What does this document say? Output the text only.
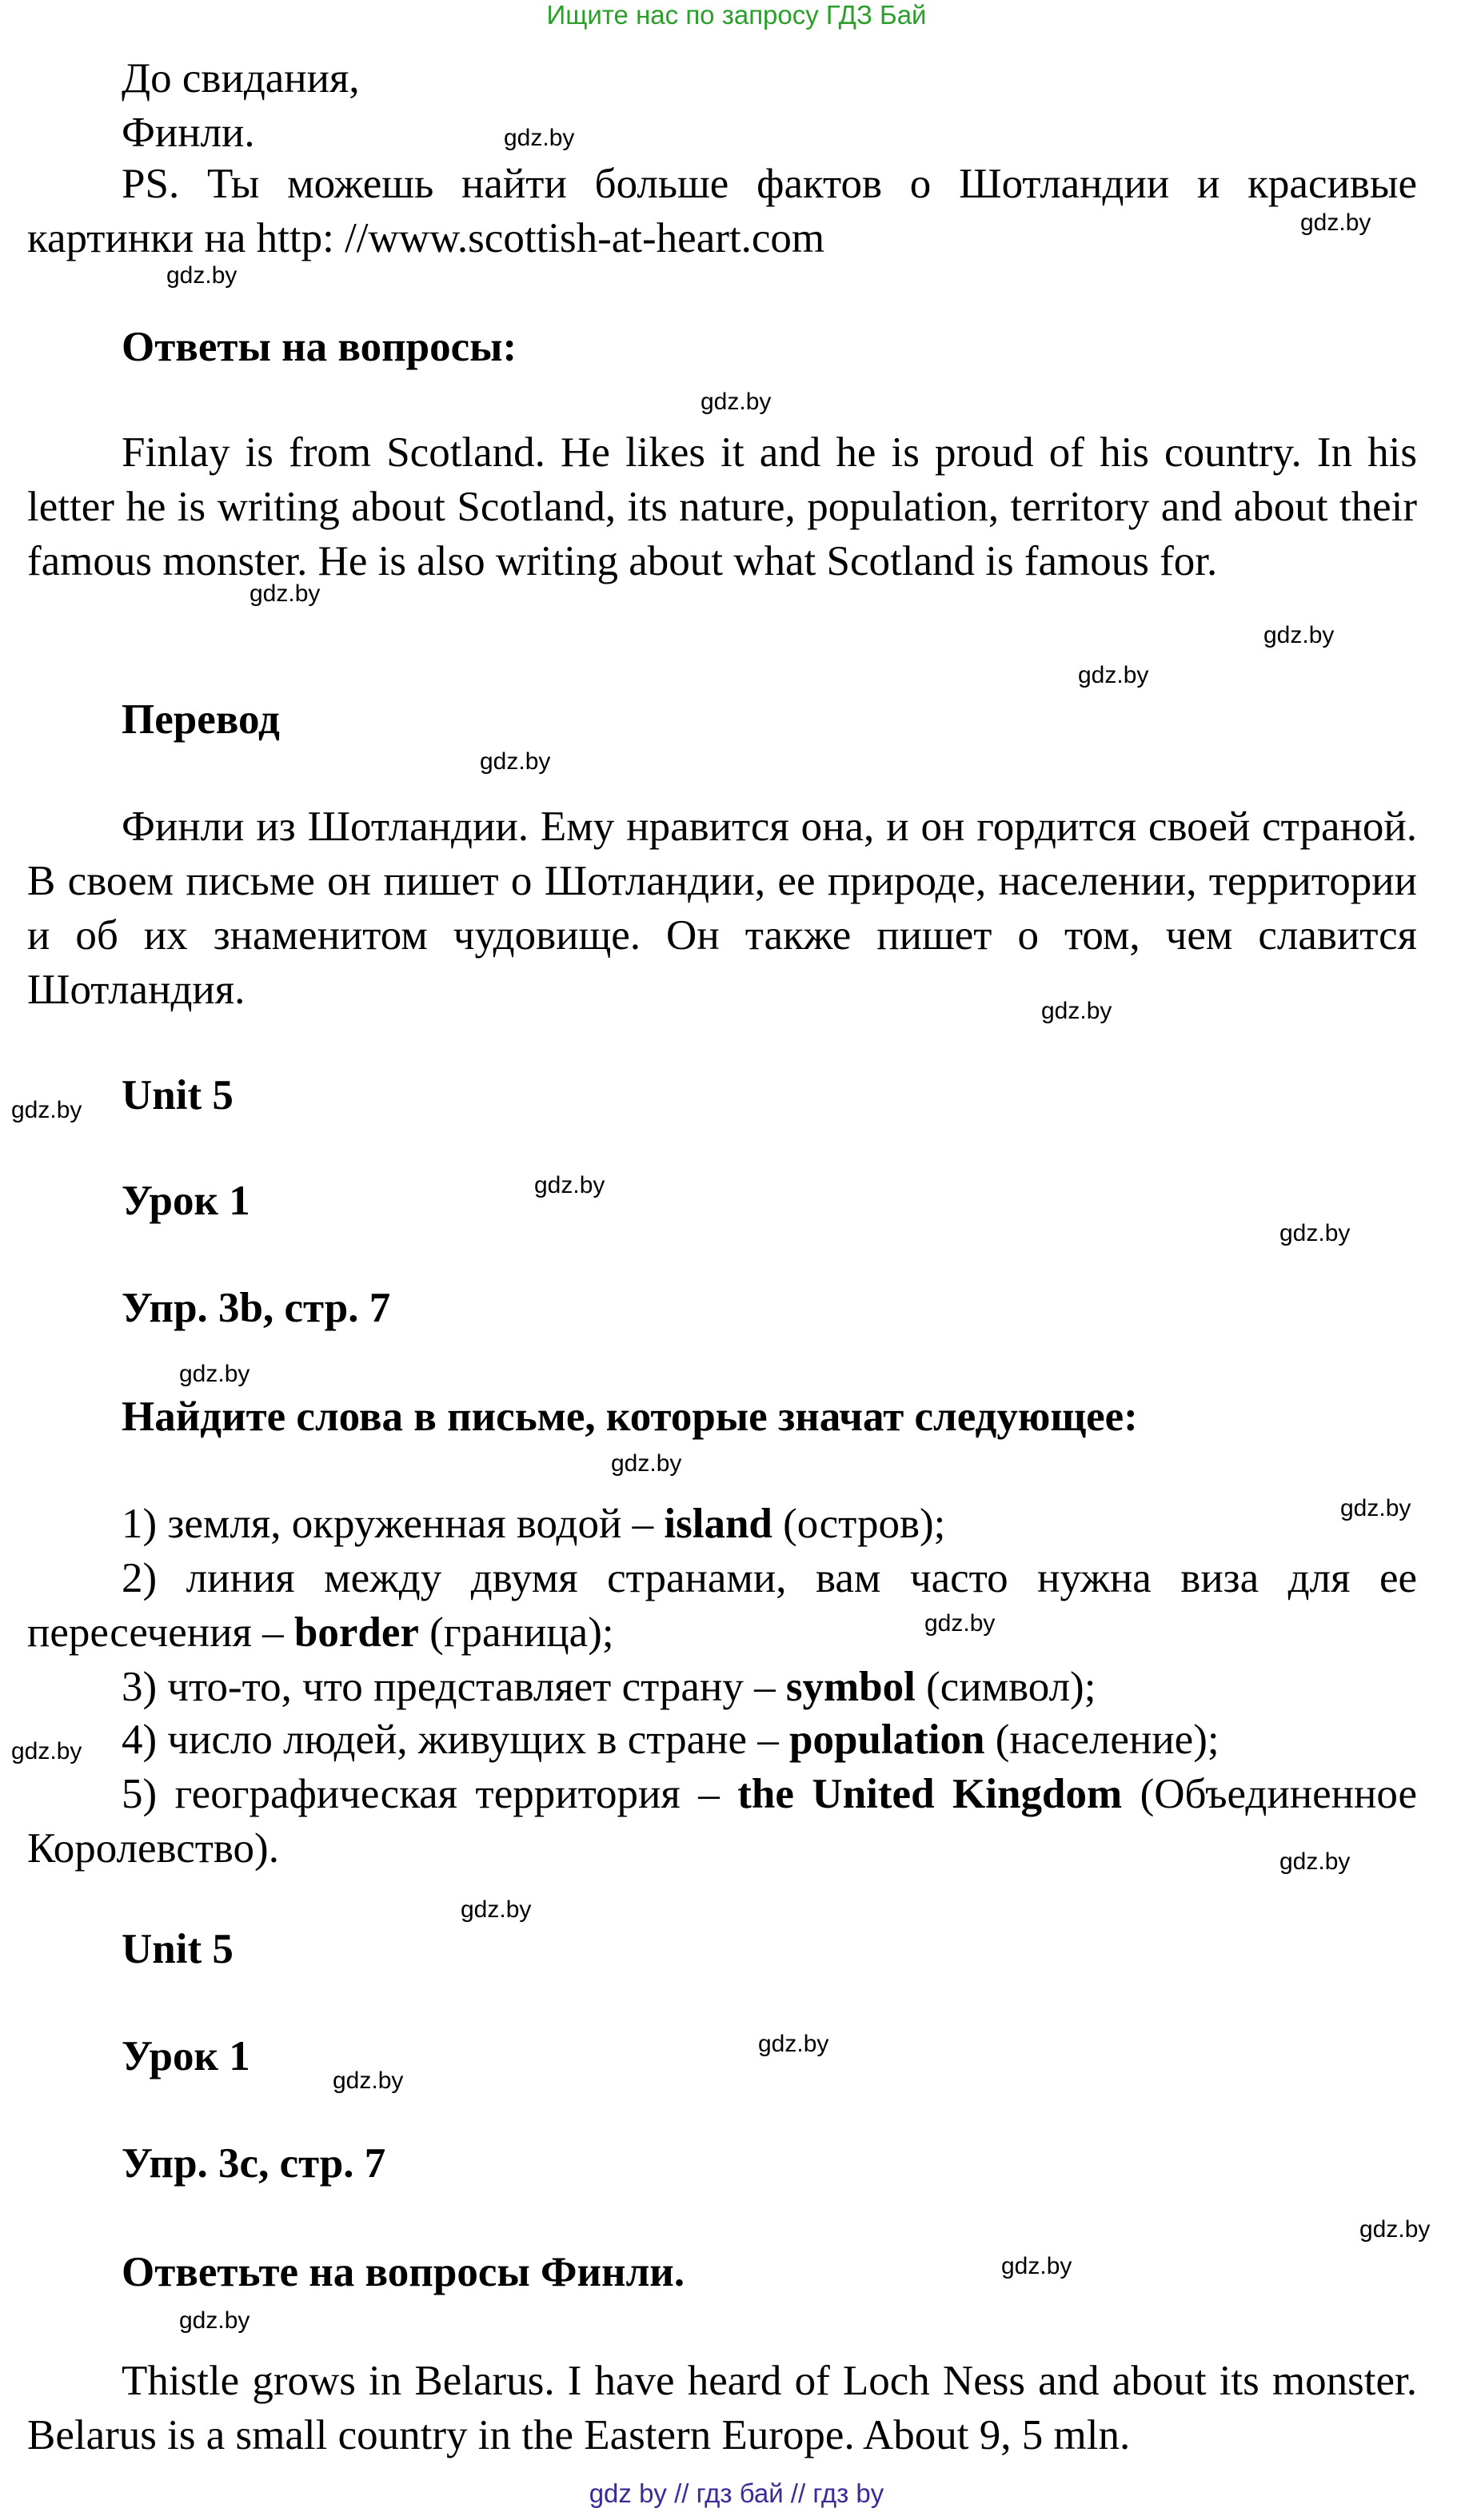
Ищите нас по запросу ГДЗ Бай
До свидания,
Финли.
PS. Ты можешь найти больше фактов о Шотландии и красивые картинки на http: //www.scottish-at-heart.com
Ответы на вопросы:
Finlay is from Scotland. He likes it and he is proud of his country. In his letter he is writing about Scotland, its nature, population, territory and about their famous monster. He is also writing about what Scotland is famous for.
Перевод
Финли из Шотландии. Ему нравится она, и он гордится своей страной. В своем письме он пишет о Шотландии, ее природе, населении, территории и об их знаменитом чудовище. Он также пишет о том, чем славится Шотландия.
Unit 5
Урок 1
Упр. 3b, стр. 7
Найдите слова в письме, которые значат следующее:
1) земля, окруженная водой – island (остров);
2) линия между двумя странами, вам часто нужна виза для ее пересечения – border (граница);
3) что-то, что представляет страну – symbol (символ);
4) число людей, живущих в стране – population (население);
5) географическая территория – the United Kingdom (Объединенное Королевство).
Unit 5
Урок 1
Упр. 3c, стр. 7
Ответьте на вопросы Финли.
Thistle grows in Belarus. I have heard of Loch Ness and about its monster. Belarus is a small country in the Eastern Europe. About 9, 5 mln.
gdz.by
gdz.by
gdz.by
gdz.by
gdz.by
gdz.by
gdz.by
gdz.by
gdz.by
gdz.by
gdz.by
gdz.by
gdz.by
gdz.by
gdz.by
gdz.by
gdz.by
gdz.by
gdz.by
gdz.by
gdz.by
gdz.by
gdz.by
gdz.by
gdz by // гдз бай // гдз by
